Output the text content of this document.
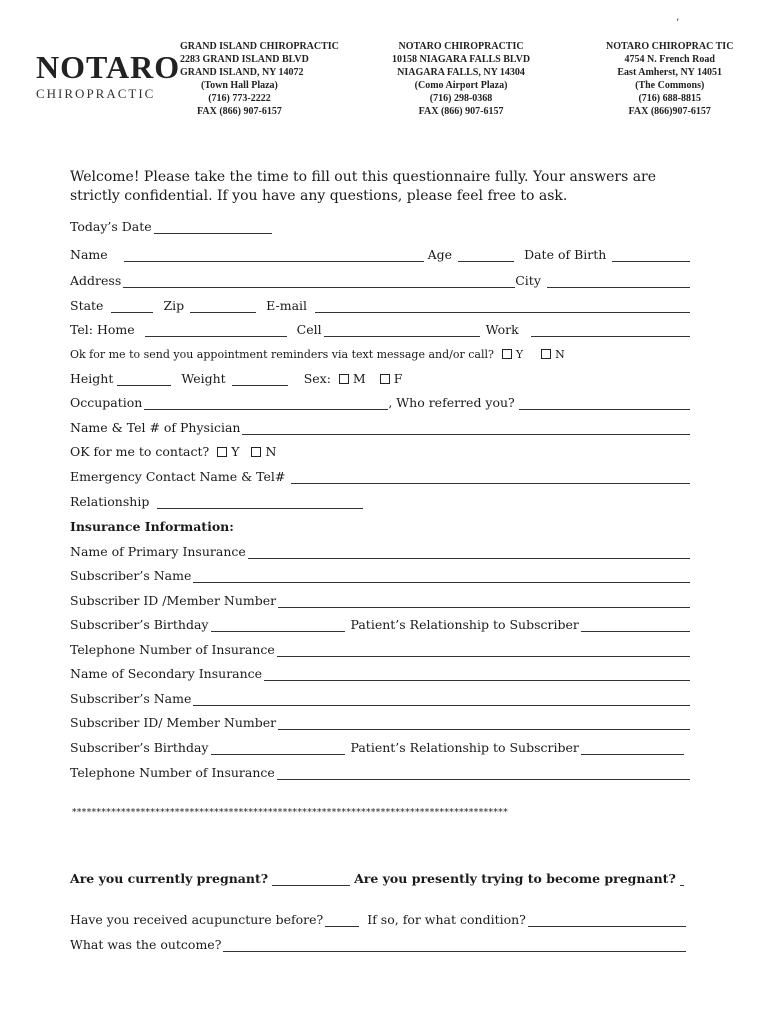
NOTARO
CHIROPRACTIC
’
GRAND ISLAND CHIROPRACTIC
2283 GRAND ISLAND BLVD
GRAND ISLAND, NY 14072
(Town Hall Plaza)
(716) 773-2222
FAX (866) 907-6157
NOTARO CHIROPRACTIC
10158 NIAGARA FALLS BLVD
NIAGARA FALLS, NY 14304
(Como Airport Plaza)
(716) 298-0368
FAX (866) 907-6157
NOTARO CHIROPRAC TIC
4754 N. French Road
East Amherst, NY 14051
(The Commons)
(716) 688-8815
FAX (866)907-6157
Welcome! Please take the time to fill out this questionnaire fully. Your answers are strictly confidential. If you have any questions, please feel free to ask.
Today’s Date
Name	Age	Date of Birth
Address	City
State	Zip	E-mail
Tel: Home	Cell	Work
Ok for me to send you appointment reminders via text message and/or call? Y	N
Height	Weight	Sex: M F
Occupation	, Who referred you?
Name & Tel # of Physician
OK for me to contact? Y N
Emergency Contact Name & Tel#
Relationship
Insurance Information:
Name of Primary Insurance
Subscriber’s Name
Subscriber ID /Member Number
Subscriber’s Birthday	Patient’s Relationship to Subscriber
Telephone Number of Insurance
Name of Secondary Insurance
Subscriber’s Name
Subscriber ID/ Member Number
Subscriber’s Birthday	Patient’s Relationship to Subscriber
Telephone Number of Insurance
*****************************************************************************************
Are you currently pregnant?	Are you presently trying to become pregnant?
Have you received acupuncture before?	If so, for what condition?
What was the outcome?
